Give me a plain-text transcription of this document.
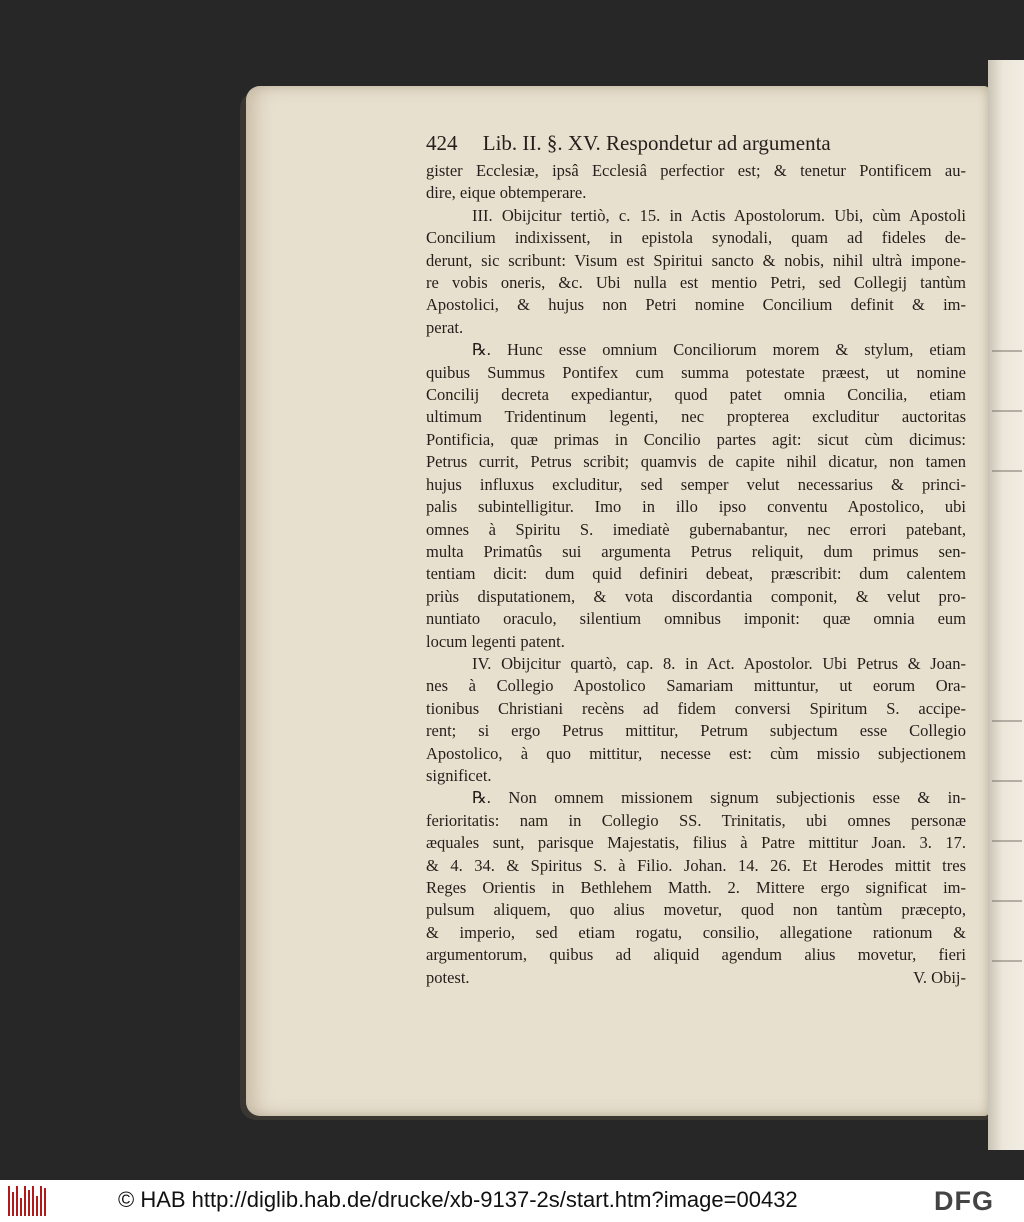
424 Lib. II. §. XV. Respondetur ad argumenta
gister Ecclesiæ, ipsâ Ecclesiâ perfectior est; & tenetur Pontificem au-
dire, eique obtemperare.
III. Obijcitur tertiò, c. 15. in Actis Apostolorum. Ubi, cùm Apostoli
Concilium indixissent, in epistola synodali, quam ad fideles de-
derunt, sic scribunt: Visum est Spiritui sancto & nobis, nihil ultrà impone-
re vobis oneris, &c. Ubi nulla est mentio Petri, sed Collegij tantùm
Apostolici, & hujus non Petri nomine Concilium definit & im-
perat.
℞. Hunc esse omnium Conciliorum morem & stylum, etiam
quibus Summus Pontifex cum summa potestate præest, ut nomine
Concilij decreta expediantur, quod patet omnia Concilia, etiam
ultimum Tridentinum legenti, nec propterea excluditur auctoritas
Pontificia, quæ primas in Concilio partes agit: sicut cùm dicimus:
Petrus currit, Petrus scribit; quamvis de capite nihil dicatur, non tamen
hujus influxus excluditur, sed semper velut necessarius & princi-
palis subintelligitur. Imo in illo ipso conventu Apostolico, ubi
omnes à Spiritu S. imediatè gubernabantur, nec errori patebant,
multa Primatûs sui argumenta Petrus reliquit, dum primus sen-
tentiam dicit: dum quid definiri debeat, præscribit: dum calentem
priùs disputationem, & vota discordantia componit, & velut pro-
nuntiato oraculo, silentium omnibus imponit: quæ omnia eum
locum legenti patent.
IV. Obijcitur quartò, cap. 8. in Act. Apostolor. Ubi Petrus & Joan-
nes à Collegio Apostolico Samariam mittuntur, ut eorum Ora-
tionibus Christiani recèns ad fidem conversi Spiritum S. accipe-
rent; si ergo Petrus mittitur, Petrum subjectum esse Collegio
Apostolico, à quo mittitur, necesse est: cùm missio subjectionem
significet.
℞. Non omnem missionem signum subjectionis esse & in-
ferioritatis: nam in Collegio SS. Trinitatis, ubi omnes personæ
æquales sunt, parisque Majestatis, filius à Patre mittitur Joan. 3. 17.
& 4. 34. & Spiritus S. à Filio. Johan. 14. 26. Et Herodes mittit tres
Reges Orientis in Bethlehem Matth. 2. Mittere ergo significat im-
pulsum aliquem, quo alius movetur, quod non tantùm præcepto,
& imperio, sed etiam rogatu, consilio, allegatione rationum &
argumentorum, quibus ad aliquid agendum alius movetur, fieri
potest.	V. Obij-
© HAB http://diglib.hab.de/drucke/xb-9137-2s/start.htm?image=00432	DFG
